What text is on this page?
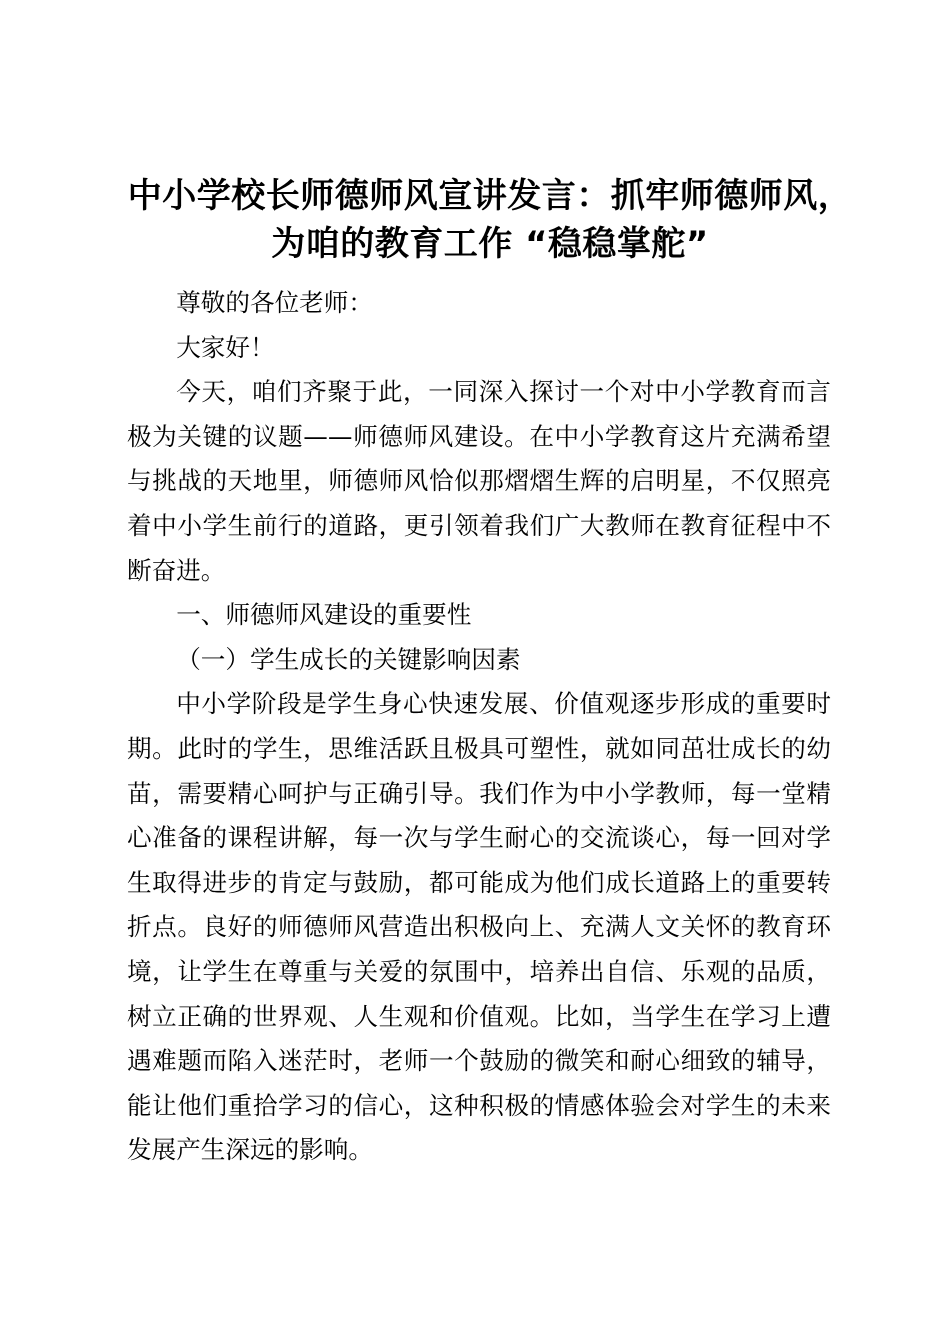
中小学校长师德师风宣讲发言：抓牢师德师风，
为咱的教育工作 “稳稳掌舵”

尊敬的各位老师：

大家好！

今天，咱们齐聚于此，一同深入探讨一个对中小学教育而言极为关键的议题——师德师风建设。在中小学教育这片充满希望与挑战的天地里，师德师风恰似那熠熠生辉的启明星，不仅照亮着中小学生前行的道路，更引领着我们广大教师在教育征程中不断奋进。

一、师德师风建设的重要性

（一）学生成长的关键影响因素

中小学阶段是学生身心快速发展、价值观逐步形成的重要时期。此时的学生，思维活跃且极具可塑性，就如同茁壮成长的幼苗，需要精心呵护与正确引导。我们作为中小学教师，每一堂精心准备的课程讲解，每一次与学生耐心的交流谈心，每一回对学生取得进步的肯定与鼓励，都可能成为他们成长道路上的重要转折点。良好的师德师风营造出积极向上、充满人文关怀的教育环境，让学生在尊重与关爱的氛围中，培养出自信、乐观的品质，树立正确的世界观、人生观和价值观。比如，当学生在学习上遭遇难题而陷入迷茫时，老师一个鼓励的微笑和耐心细致的辅导，能让他们重拾学习的信心，这种积极的情感体验会对学生的未来发展产生深远的影响。
